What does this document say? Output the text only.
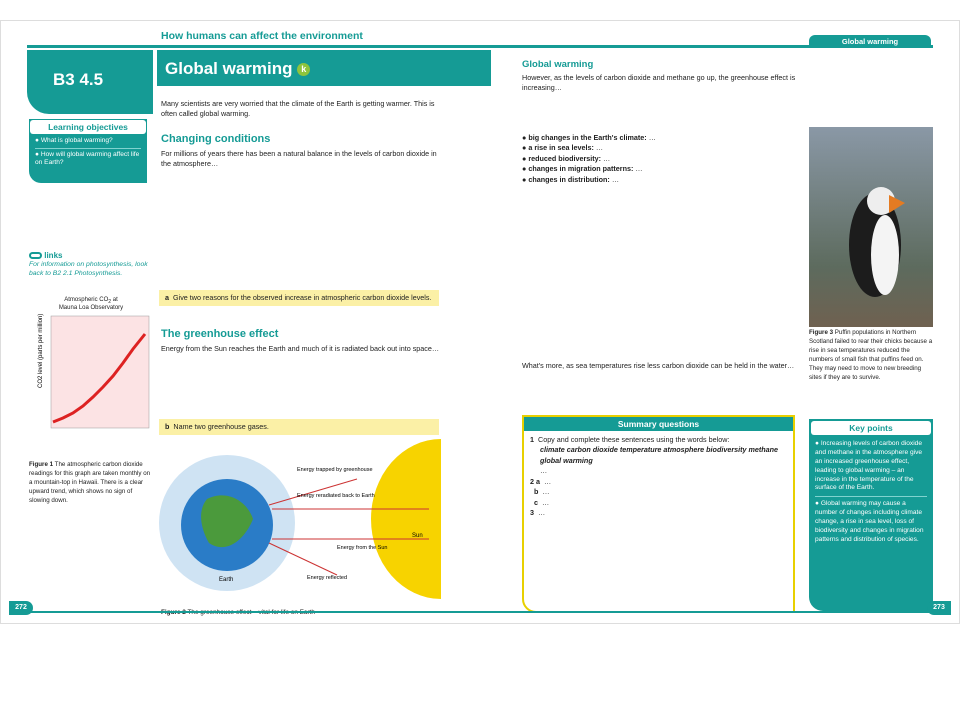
How humans can affect the environment	Global warming
B3 4.5
Global warming k
Learning objectives
● What is global warming?
● How will global warming affect life on Earth?
links
For information on photosynthesis, look back to B2 2.1 Photosynthesis.
Atmospheric $CO_2$ at
Mauna Loa Observatory
CO2 level (parts per million)
Figure 1 The atmospheric carbon dioxide readings for this graph are taken monthly on a mountain-top in Hawaii. There is a clear upward trend, which shows no sign of slowing down.
Many scientists are very worried that the climate of the Earth is getting warmer. This is often called global warming.
Changing conditions
For millions of years there has been a natural balance in the levels of carbon dioxide in the atmosphere…
a Give two reasons for the observed increase in atmospheric carbon dioxide levels.
The greenhouse effect
Energy from the Sun reaches the Earth and much of it is radiated back out into space…
b Name two greenhouse gases.
Energy trapped by greenhouse
Energy reradiated back to Earth
Energy from the Sun
Energy reflected
Sun
Earth
Global warming
However, as the levels of carbon dioxide and methane go up, the greenhouse effect is increasing…
● big changes in the Earth's climate: …
● a rise in sea levels: …
● reduced biodiversity: …
● changes in migration patterns: …
● changes in distribution: …
What's more, as sea temperatures rise less carbon dioxide can be held in the water…
Figure 3 Puffin populations in Northern Scotland failed to rear their chicks because a rise in sea temperatures reduced the numbers of small fish that puffins feed on. They may need to move to new breeding sites if they are to survive.
Summary questions
1 Copy and complete these sentences using the words below:
climate carbon dioxide temperature atmosphere biodiversity methane global warming
…
2 a …
b …
c …
3 …
Key points
● Increasing levels of carbon dioxide and methane in the atmosphere give an increased greenhouse effect, leading to global warming – an increase in the temperature of the surface of the Earth.
● Global warming may cause a number of changes including climate change, a rise in sea level, loss of biodiversity and changes in migration patterns and distribution of species.
272	273
